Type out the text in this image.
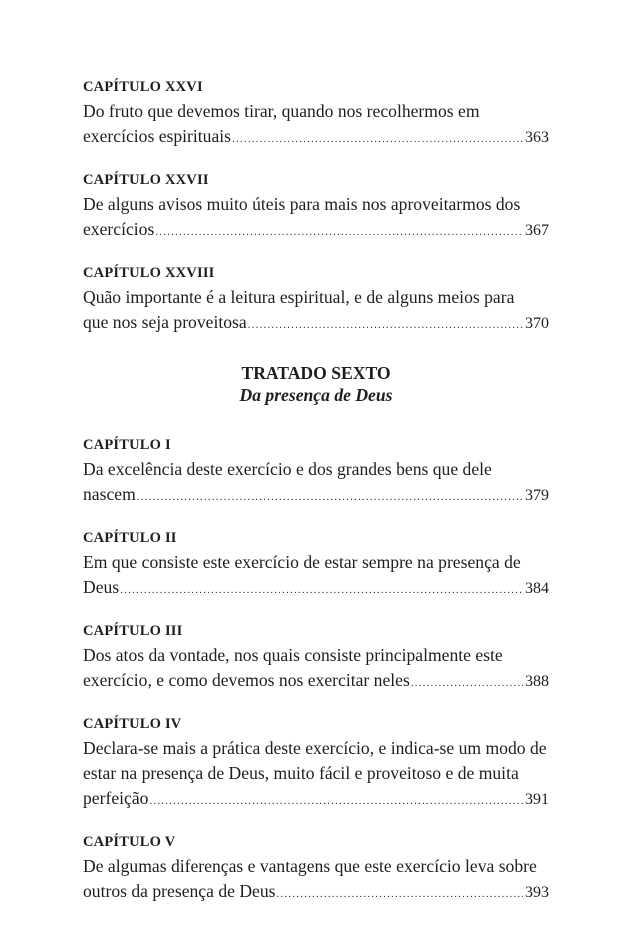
CAPÍTULO XXVI
Do fruto que devemos tirar, quando nos recolhermos em
exercícios espirituais .....	363
CAPÍTULO XXVII
De alguns avisos muito úteis para mais nos aproveitarmos dos
exercícios .....	367
CAPÍTULO XXVIII
Quão importante é a leitura espiritual, e de alguns meios para
que nos seja proveitosa .....	370
TRATADO SEXTO
Da presença de Deus
CAPÍTULO I
Da excelência deste exercício e dos grandes bens que dele
nascem .....	379
CAPÍTULO II
Em que consiste este exercício de estar sempre na presença de
Deus .....	384
CAPÍTULO III
Dos atos da vontade, nos quais consiste principalmente este
exercício, e como devemos nos exercitar neles .....	388
CAPÍTULO IV
Declara-se mais a prática deste exercício, e indica-se um modo de estar na presença de Deus, muito fácil e proveitoso e de muita
perfeição .....	391
CAPÍTULO V
De algumas diferenças e vantagens que este exercício leva sobre
outros da presença de Deus .....	393
